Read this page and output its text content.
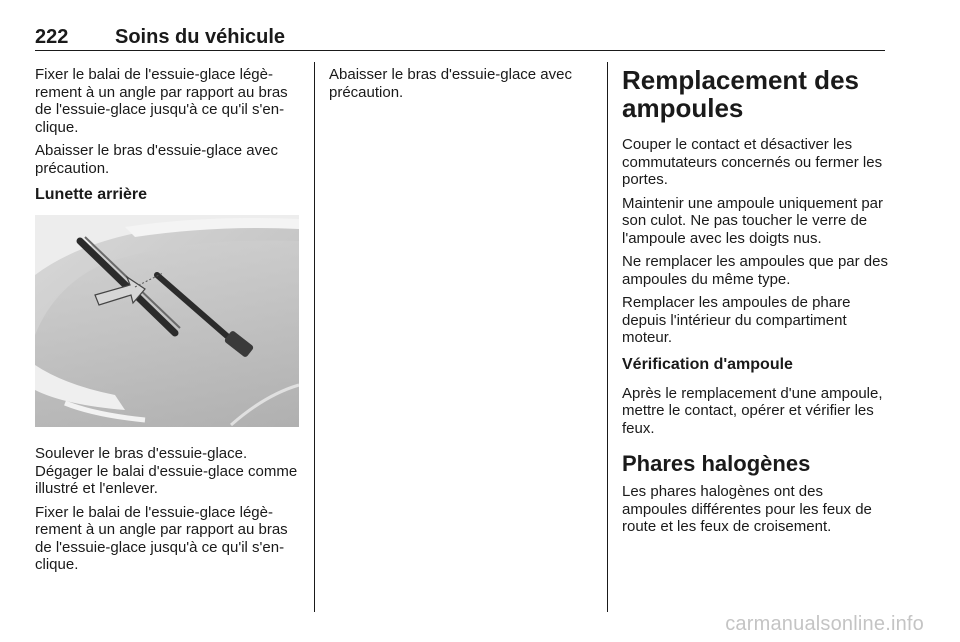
222 Soins du véhicule

Fixer le balai de l'essuie-glace légèrement à un angle par rapport au bras de l'essuie-glace jusqu'à ce qu'il s'enclique.

Abaisser le bras d'essuie-glace avec précaution.

Lunette arrière

Soulever le bras d'essuie-glace. Dégager le balai d'essuie-glace comme illustré et l'enlever.

Fixer le balai de l'essuie-glace légèrement à un angle par rapport au bras de l'essuie-glace jusqu'à ce qu'il s'enclique.

Abaisser le bras d'essuie-glace avec précaution.	Remplacement des ampoules

Couper le contact et désactiver les commutateurs concernés ou fermer les portes.

Maintenir une ampoule uniquement par son culot. Ne pas toucher le verre de l'ampoule avec les doigts nus.

Ne remplacer les ampoules que par des ampoules du même type.

Remplacer les ampoules de phare depuis l'intérieur du compartiment moteur.

Vérification d'ampoule

Après le remplacement d'une ampoule, mettre le contact, opérer et vérifier les feux.

Phares halogènes

Les phares halogènes ont des ampoules différentes pour les feux de route et les feux de croisement.

carmanualsonline.info
